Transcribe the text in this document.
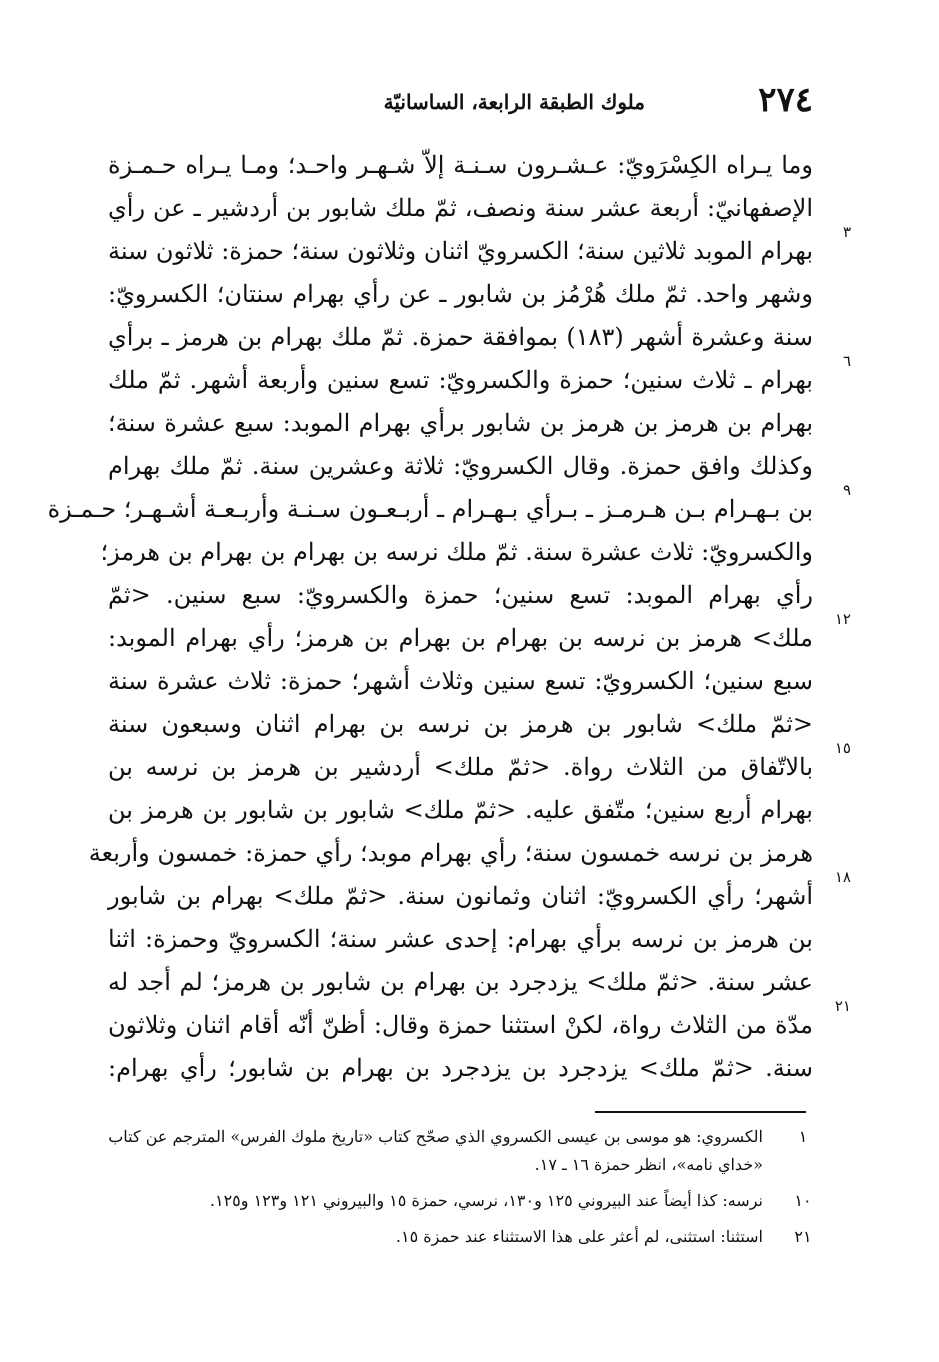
٢٧٤
ملوك الطبقة الرابعة، الساسانيّة
وما يـراه الكِسْرَويّ: عـشـرون سـنـة إلاّ شـهـر واحـد؛ ومـا يـراه حـمـزة
الإصفهانيّ: أربعة عشر سنة ونصف، ثمّ ملك شابور بن أردشير ـ عن رأي
٣
بهرام الموبد ثلاثين سنة؛ الكسرويّ اثنان وثلاثون سنة؛ حمزة: ثلاثون سنة
وشهر واحد. ثمّ ملك هُرْمُز بن شابور ـ عن رأي بهرام سنتان؛ الكسرويّ:
سنة وعشرة أشهر (١٨٣) بموافقة حمزة. ثمّ ملك بهرام بن هرمز ـ برأي
٦
بهرام ـ ثلاث سنين؛ حمزة والكسرويّ: تسع سنين وأربعة أشهر. ثمّ ملك
بهرام بن هرمز بن هرمز بن شابور برأي بهرام الموبد: سبع عشرة سنة؛
وكذلك وافق حمزة. وقال الكسرويّ: ثلاثة وعشرين سنة. ثمّ ملك بهرام
٩
بن بـهـرام بـن هـرمـز ـ بـرأي بـهـرام ـ أربـعـون سـنـة وأربـعـة أشـهـر؛ حـمـزة
والكسرويّ: ثلاث عشرة سنة. ثمّ ملك نرسه بن بهرام بن بهرام بن هرمز؛
رأي بهرام الموبد: تسع سنين؛ حمزة والكسرويّ: سبع سنين. <ثمّ
١٢
ملك> هرمز بن نرسه بن بهرام بن بهرام بن هرمز؛ رأي بهرام الموبد:
سبع سنين؛ الكسرويّ: تسع سنين وثلاث أشهر؛ حمزة: ثلاث عشرة سنة
<ثمّ ملك> شابور بن هرمز بن نرسه بن بهرام اثنان وسبعون سنة
١٥
بالاتّفاق من الثلاث رواة. <ثمّ ملك> أردشير بن هرمز بن نرسه بن
بهرام أربع سنين؛ متّفق عليه. <ثمّ ملك> شابور بن شابور بن هرمز بن
هرمز بن نرسه خمسون سنة؛ رأي بهرام موبد؛ رأي حمزة: خمسون وأربعة
١٨
أشهر؛ رأي الكسرويّ: اثنان وثمانون سنة. <ثمّ ملك> بهرام بن شابور
بن هرمز بن نرسه برأي بهرام: إحدى عشر سنة؛ الكسرويّ وحمزة: اثنا
عشر سنة. <ثمّ ملك> يزدجرد بن بهرام بن شابور بن هرمز؛ لم أجد له
٢١
مدّة من الثلاث رواة، لكنْ استثنا حمزة وقال: أظنّ أنّه أقام اثنان وثلاثون
سنة. <ثمّ ملك> يزدجرد بن يزدجرد بن بهرام بن شابور؛ رأي بهرام:
١
الكسروي: هو موسى بن عيسى الكسروي الذي صحّح كتاب «تاريخ ملوك الفرس» المترجم عن كتاب «خداي نامه»، انظر حمزة ١٦ ـ ١٧.
١٠
نرسه: كذا أيضاً عند البيروني ١٢٥ و١٣٠، نرسي، حمزة ١٥ والبيروني ١٢١ و١٢٣ و١٢٥.
٢١
استثنا: استثنى، لم أعثر على هذا الاستثناء عند حمزة ١٥.
